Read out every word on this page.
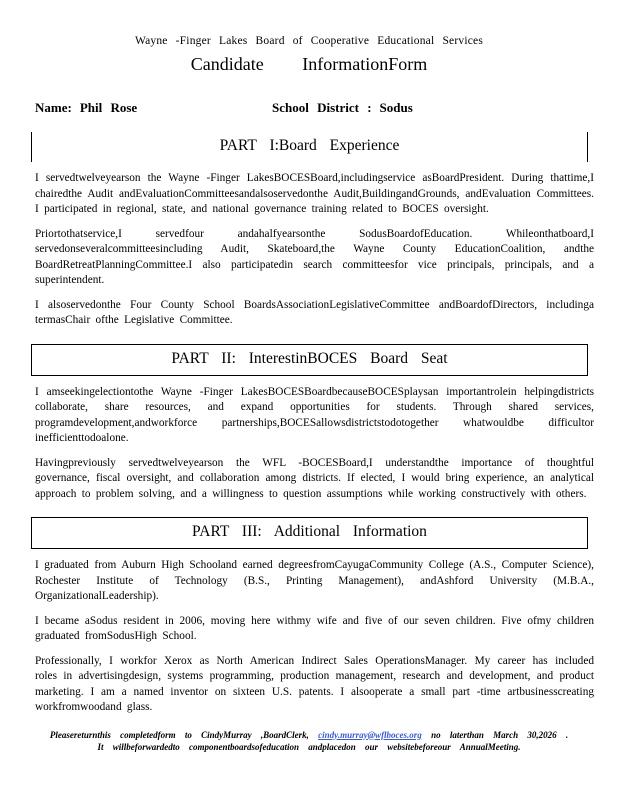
Wayne -Finger Lakes Board of Cooperative Educational Services
Candidate InformationForm
Name: Phil Rose	School District : Sodus
PART I:Board Experience

I servedtwelveyearson the Wayne -Finger LakesBOCESBoard,includingservice asBoardPresident. During thattime,I chairedthe Audit andEvaluationCommitteesandalsoservedonthe Audit,BuildingandGrounds, andEvaluation Committees. I participated in regional, state, and national governance training related to BOCES oversight.

Priortothatservice,I servedfour andahalfyearsonthe SodusBoardofEducation. Whileonthatboard,I servedonseveralcommitteesincluding Audit, Skateboard,the Wayne County EducationCoalition, andthe BoardRetreatPlanningCommittee.I also participatedin search committeesfor vice principals, principals, and a superintendent.

I alsoservedonthe Four County School BoardsAssociationLegislativeCommittee andBoardofDirectors, includinga termasChair ofthe Legislative Committee.

PART II: InterestinBOCES Board Seat

I amseekingelectiontothe Wayne -Finger LakesBOCESBoardbecauseBOCESplaysan importantrolein helpingdistricts collaborate, share resources, and expand opportunities for students. Through shared services, programdevelopment,andworkforce partnerships,BOCESallowsdistrictstodotogether whatwouldbe difficultor inefficienttodoalone.

Havingpreviously servedtwelveyearson the WFL -BOCESBoard,I understandthe importance of thoughtful governance, fiscal oversight, and collaboration among districts. If elected, I would bring experience, an analytical approach to problem solving, and a willingness to question assumptions while working constructively with others.

PART III: Additional Information

I graduated from Auburn High Schooland earned degreesfromCayugaCommunity College (A.S., Computer Science), Rochester Institute of Technology (B.S., Printing Management), andAshford University (M.B.A., OrganizationalLeadership).

I became aSodus resident in 2006, moving here withmy wife and five of our seven children. Five ofmy children graduated fromSodusHigh School.

Professionally, I workfor Xerox as North American Indirect Sales OperationsManager. My career has included roles in advertisingdesign, systems programming, production management, research and development, and product marketing. I am a named inventor on sixteen U.S. patents. I alsooperate a small part -time artbusinesscreating workfromwoodand glass.

Pleasereturnthis completedform to CindyMurray ,BoardClerk, cindy.murray@wflboces.org no laterthan March 30,2026 .
It willbeforwardedto componentboardsofeducation andplacedon our websitebeforeour AnnualMeeting.
